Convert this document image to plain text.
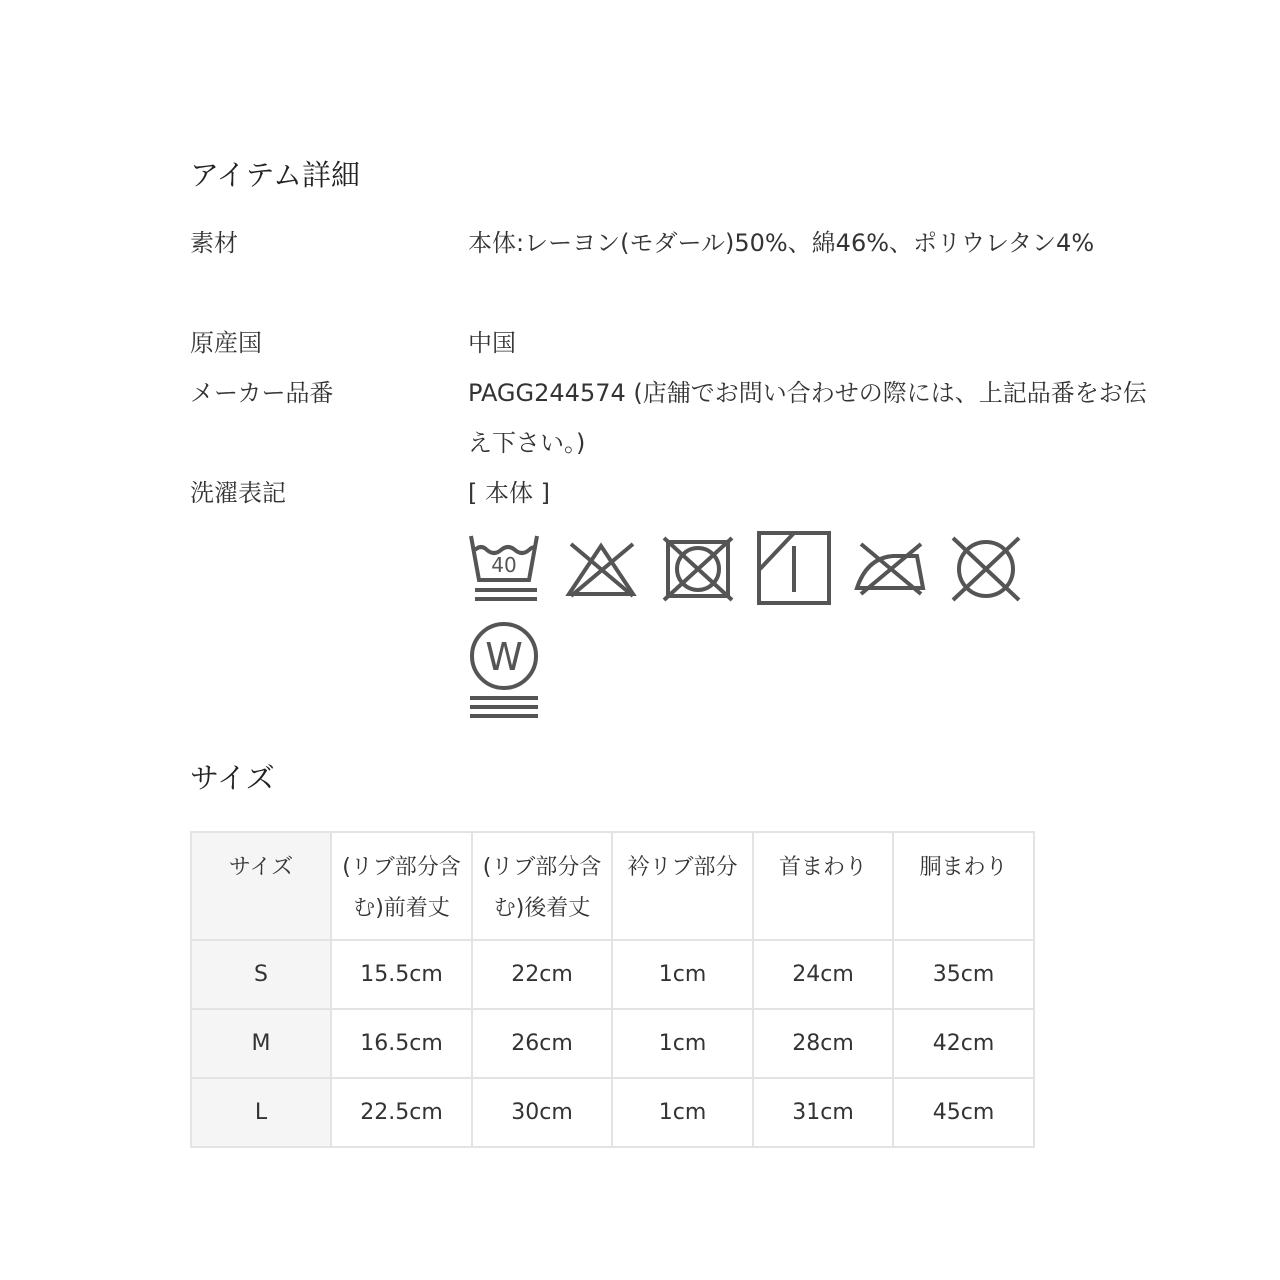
アイテム詳細
素材	本体:レーヨン(モダール)50%、綿46%、ポリウレタン4%
原産国	中国
メーカー品番	PAGG244574 (店舗でお問い合わせの際には、上記品番をお伝え下さい。)
洗濯表記	[ 本体 ]
40
W
サイズ
サイズ	(リブ部分含む)前着丈	(リブ部分含む)後着丈	衿リブ部分	首まわり	胴まわり
S	15.5cm	22cm	1cm	24cm	35cm
M	16.5cm	26cm	1cm	28cm	42cm
L	22.5cm	30cm	1cm	31cm	45cm
